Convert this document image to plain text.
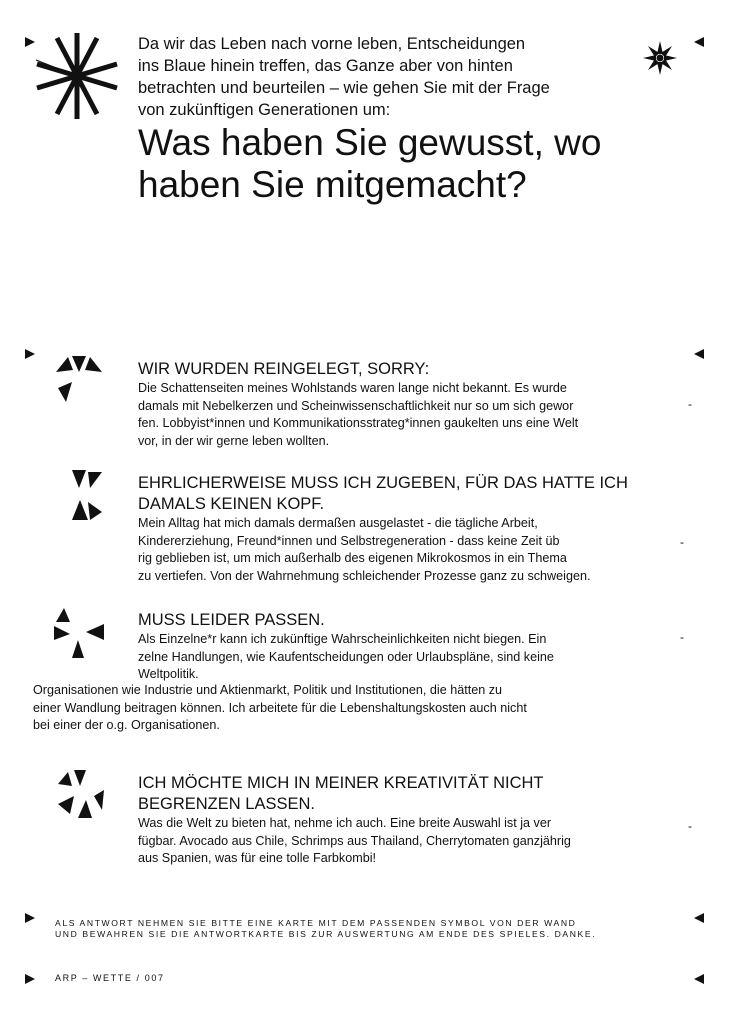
-
-
-
-
Da wir das Leben nach vorne leben, Entscheidungen
ins Blaue hinein treffen, das Ganze aber von hinten
betrachten und beurteilen – wie gehen Sie mit der Frage
von zukünftigen Generationen um:
Was haben Sie gewusst, wo
haben Sie mitgemacht?
WIR WURDEN REINGELEGT, SORRY:
Die Schattenseiten meines Wohlstands waren lange nicht bekannt. Es wurde
damals mit Nebelkerzen und Scheinwissenschaftlichkeit nur so um sich gewor
fen. Lobbyist*innen und Kommunikationsstrateg*innen gaukelten uns eine Welt
vor, in der wir gerne leben wollten.
EHRLICHERWEISE MUSS ICH ZUGEBEN, FÜR DAS HATTE ICH
DAMALS KEINEN KOPF.
Mein Alltag hat mich damals dermaßen ausgelastet - die tägliche Arbeit,
Kindererziehung, Freund*innen und Selbstregeneration - dass keine Zeit üb
rig geblieben ist, um mich außerhalb des eigenen Mikrokosmos in ein Thema
zu vertiefen. Von der Wahrnehmung schleichender Prozesse ganz zu schweigen.
MUSS LEIDER PASSEN.
Als Einzelne*r kann ich zukünftige Wahrscheinlichkeiten nicht biegen. Ein
zelne Handlungen, wie Kaufentscheidungen oder Urlaubspläne, sind keine
Weltpolitik.
Organisationen wie Industrie und Aktienmarkt, Politik und Institutionen, die hätten zu
einer Wandlung beitragen können. Ich arbeitete für die Lebenshaltungskosten auch nicht
bei einer der o.g. Organisationen.
ICH MÖCHTE MICH IN MEINER KREATIVITÄT NICHT
BEGRENZEN LASSEN.
Was die Welt zu bieten hat, nehme ich auch. Eine breite Auswahl ist ja ver
fügbar. Avocado aus Chile, Schrimps aus Thailand, Cherrytomaten ganzjährig
aus Spanien, was für eine tolle Farbkombi!
ALS ANTWORT NEHMEN SIE BITTE EINE KARTE MIT DEM PASSENDEN SYMBOL VON DER WAND
UND BEWAHREN SIE DIE ANTWORTKARTE BIS ZUR AUSWERTUNG AM ENDE DES SPIELES. DANKE.
ARP – WETTE / 007
